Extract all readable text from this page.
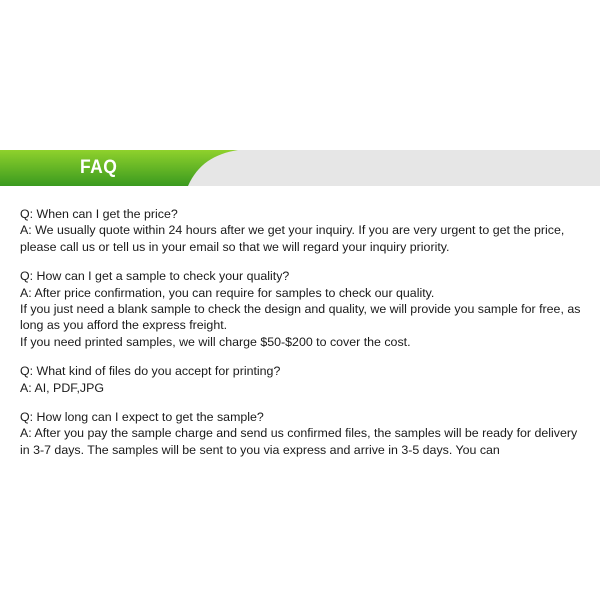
FAQ
Q: When can I get the price?
A: We usually quote within 24 hours after we get your inquiry. If you are very urgent to get the price, please call us or tell us in your email so that we will regard your inquiry priority.
Q: How can I get a sample to check your quality?
A: After price confirmation, you can require for samples to check our quality.
If you just need a blank sample to check the design and quality, we will provide you sample for free, as long as you afford the express freight.
If you need printed samples, we will charge $50-$200 to cover the cost.
Q: What kind of files do you accept for printing?
A: AI, PDF,JPG
Q: How long can I expect to get the sample?
A: After you pay the sample charge and send us confirmed files, the samples will be ready for delivery in 3-7 days. The samples will be sent to you via express and arrive in 3-5 days. You can
